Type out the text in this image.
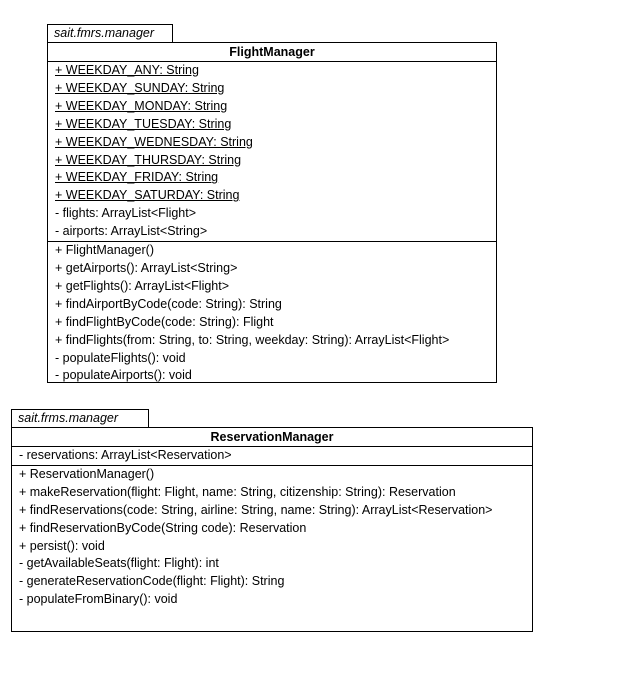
sait.fmrs.manager
FlightManager
+ WEEKDAY_ANY: String
+ WEEKDAY_SUNDAY: String
+ WEEKDAY_MONDAY: String
+ WEEKDAY_TUESDAY: String
+ WEEKDAY_WEDNESDAY: String
+ WEEKDAY_THURSDAY: String
+ WEEKDAY_FRIDAY: String
+ WEEKDAY_SATURDAY: String
- flights: ArrayList<Flight>
- airports: ArrayList<String>
+ FlightManager()
+ getAirports(): ArrayList<String>
+ getFlights(): ArrayList<Flight>
+ findAirportByCode(code: String): String
+ findFlightByCode(code: String): Flight
+ findFlights(from: String, to: String, weekday: String): ArrayList<Flight>
- populateFlights(): void
- populateAirports(): void
sait.frms.manager
ReservationManager
- reservations: ArrayList<Reservation>
+ ReservationManager()
+ makeReservation(flight: Flight, name: String, citizenship: String): Reservation
+ findReservations(code: String, airline: String, name: String): ArrayList<Reservation>
+ findReservationByCode(String code): Reservation
+ persist(): void
- getAvailableSeats(flight: Flight): int
- generateReservationCode(flight: Flight): String
- populateFromBinary(): void
